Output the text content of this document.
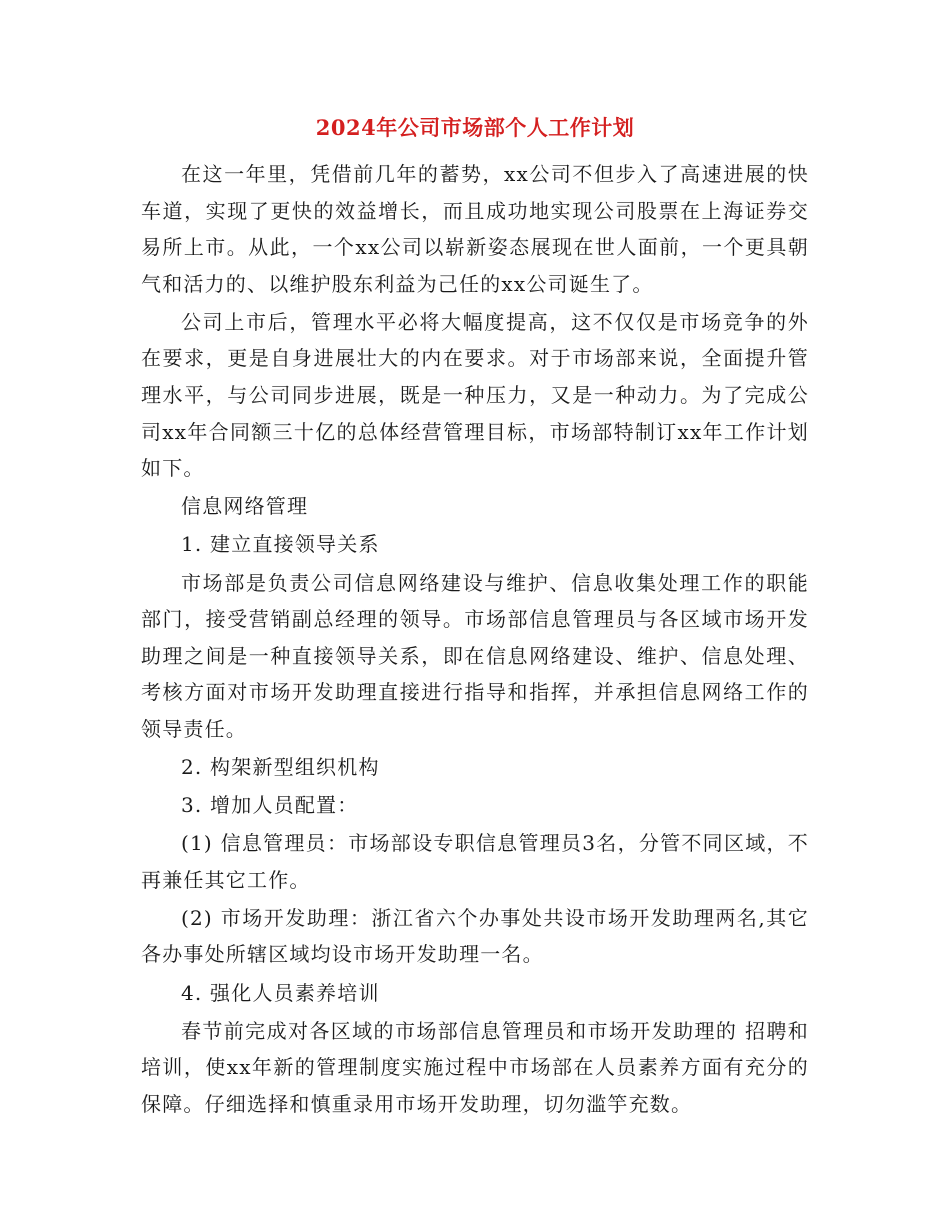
2024年公司市场部个人工作计划

在这一年里，凭借前几年的蓄势，xx公司不但步入了高速进展的快车道，实现了更快的效益增长，而且成功地实现公司股票在上海证券交易所上市。从此，一个xx公司以崭新姿态展现在世人面前，一个更具朝气和活力的、以维护股东利益为己任的xx公司诞生了。

公司上市后，管理水平必将大幅度提高，这不仅仅是市场竞争的外在要求，更是自身进展壮大的内在要求。对于市场部来说，全面提升管理水平，与公司同步进展，既是一种压力，又是一种动力。为了完成公司xx年合同额三十亿的总体经营管理目标，市场部特制订xx年工作计划如下。

信息网络管理

1. 建立直接领导关系

市场部是负责公司信息网络建设与维护、信息收集处理工作的职能部门，接受营销副总经理的领导。市场部信息管理员与各区域市场开发助理之间是一种直接领导关系，即在信息网络建设、维护、信息处理、考核方面对市场开发助理直接进行指导和指挥，并承担信息网络工作的领导责任。

2. 构架新型组织机构

3. 增加人员配置：

(1) 信息管理员：市场部设专职信息管理员3名，分管不同区域，不再兼任其它工作。

(2) 市场开发助理：浙江省六个办事处共设市场开发助理两名,其它各办事处所辖区域均设市场开发助理一名。

4. 强化人员素养培训

春节前完成对各区域的市场部信息管理员和市场开发助理的 招聘和培训，使xx年新的管理制度实施过程中市场部在人员素养方面有充分的保障。仔细选择和慎重录用市场开发助理，切勿滥竽充数。
